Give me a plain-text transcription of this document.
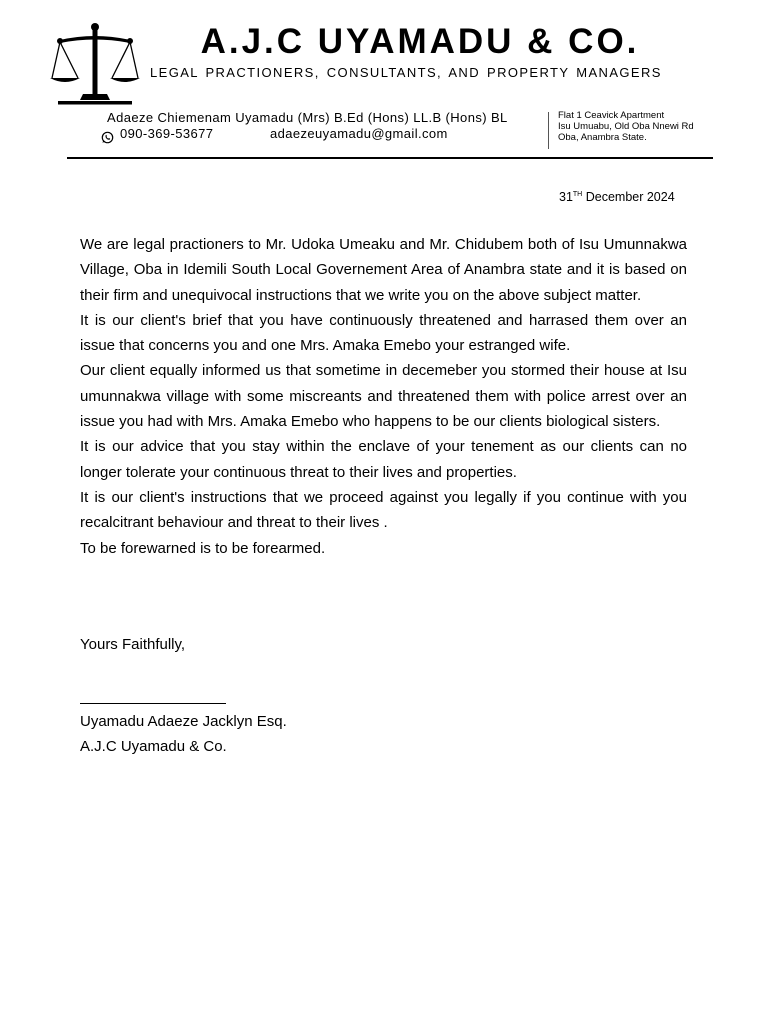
A.J.C UYAMADU & CO.
LEGAL PRACTIONERS, CONSULTANTS, AND PROPERTY MANAGERS
Adaeze Chiemenam Uyamadu (Mrs) B.Ed (Hons) LL.B (Hons) BL
090-369-53677	adaezeuyamadu@gmail.com
Flat 1 Ceavick Apartment
Isu Umuabu, Old Oba Nnewi Rd
Oba, Anambra State.
31TH December 2024

We are legal practioners to Mr. Udoka Umeaku and Mr. Chidubem both of Isu Umunnakwa Village, Oba in Idemili South Local Governement Area of Anambra state and it is based on their firm and unequivocal instructions that we write you on the above subject matter.

It is our client's brief that you have continuously threatened and harrased them over an issue that concerns you and one Mrs. Amaka Emebo your estranged wife.

Our client equally informed us that sometime in decemeber you stormed their house at Isu umunnakwa village with some miscreants and threatened them with police arrest over an issue you had with Mrs. Amaka Emebo who happens to be our clients biological sisters.

It is our advice that you stay within the enclave of your tenement as our clients can no longer tolerate your continuous threat to their lives and properties.

It is our client's instructions that we proceed against you legally if you continue with you recalcitrant behaviour and threat to their lives .

To be forewarned is to be forearmed.

Yours Faithfully,
Uyamadu Adaeze Jacklyn Esq.
A.J.C Uyamadu & Co.
